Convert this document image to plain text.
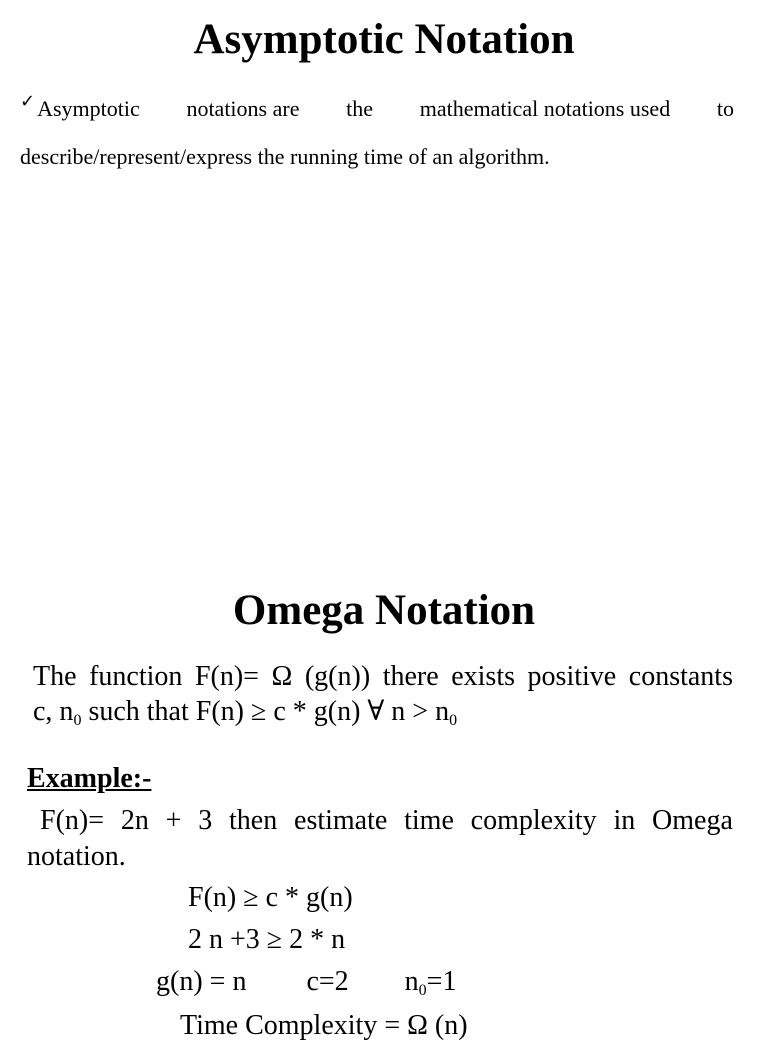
Asymptotic Notation
✓Asymptotic notations are the mathematical notations used to
describe/represent/express the running time of an algorithm.
Omega Notation
The function F(n)= Ω (g(n)) there exists positive constants
c, $n_0$ such that F(n) ≥ c * g(n) ∀ $n > n_0$
Example:-
F(n)= 2n + 3 then estimate time complexity in Omega
notation.
F(n) ≥ c * g(n)
2 n +3 ≥ 2 * n
g(n) = n c=2 $n_0=1$
Time Complexity = Ω (n)
